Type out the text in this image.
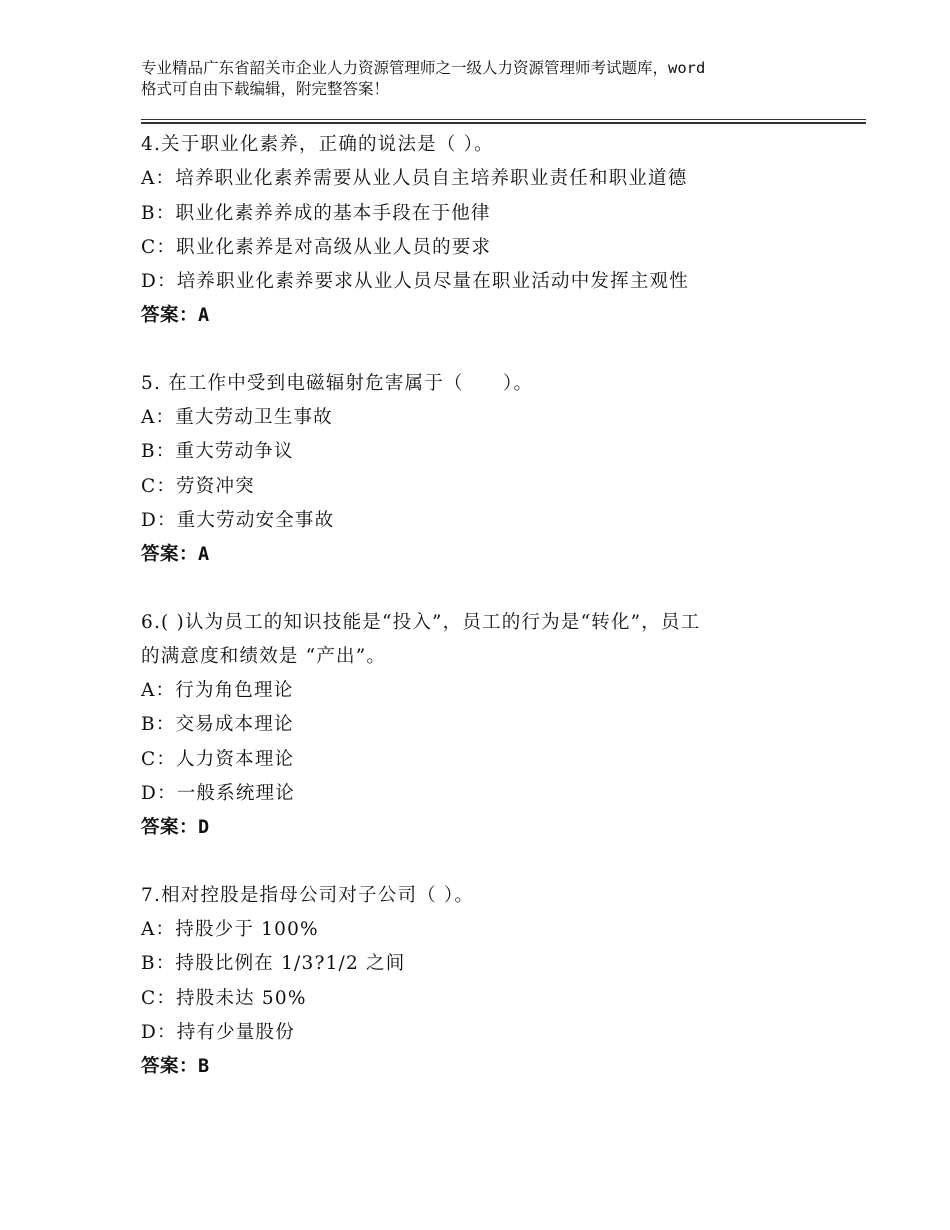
专业精品广东省韶关市企业人力资源管理师之一级人力资源管理师考试题库，word
格式可自由下载编辑，附完整答案！
4.关于职业化素养，正确的说法是（ ）。
A：培养职业化素养需要从业人员自主培养职业责任和职业道德
B：职业化素养养成的基本手段在于他律
C：职业化素养是对高级从业人员的要求
D：培养职业化素养要求从业人员尽量在职业活动中发挥主观性
答案：A
5. 在工作中受到电磁辐射危害属于（　　）。
A：重大劳动卫生事故
B：重大劳动争议
C：劳资冲突
D：重大劳动安全事故
答案：A
6.( )认为员工的知识技能是“投入”，员工的行为是“转化”，员工
的满意度和绩效是 “产出”。
A：行为角色理论
B：交易成本理论
C：人力资本理论
D：一般系统理论
答案：D
7.相对控股是指母公司对子公司（ ）。
A：持股少于 100%
B：持股比例在 1/3?1/2 之间
C：持股未达 50%
D：持有少量股份
答案：B
